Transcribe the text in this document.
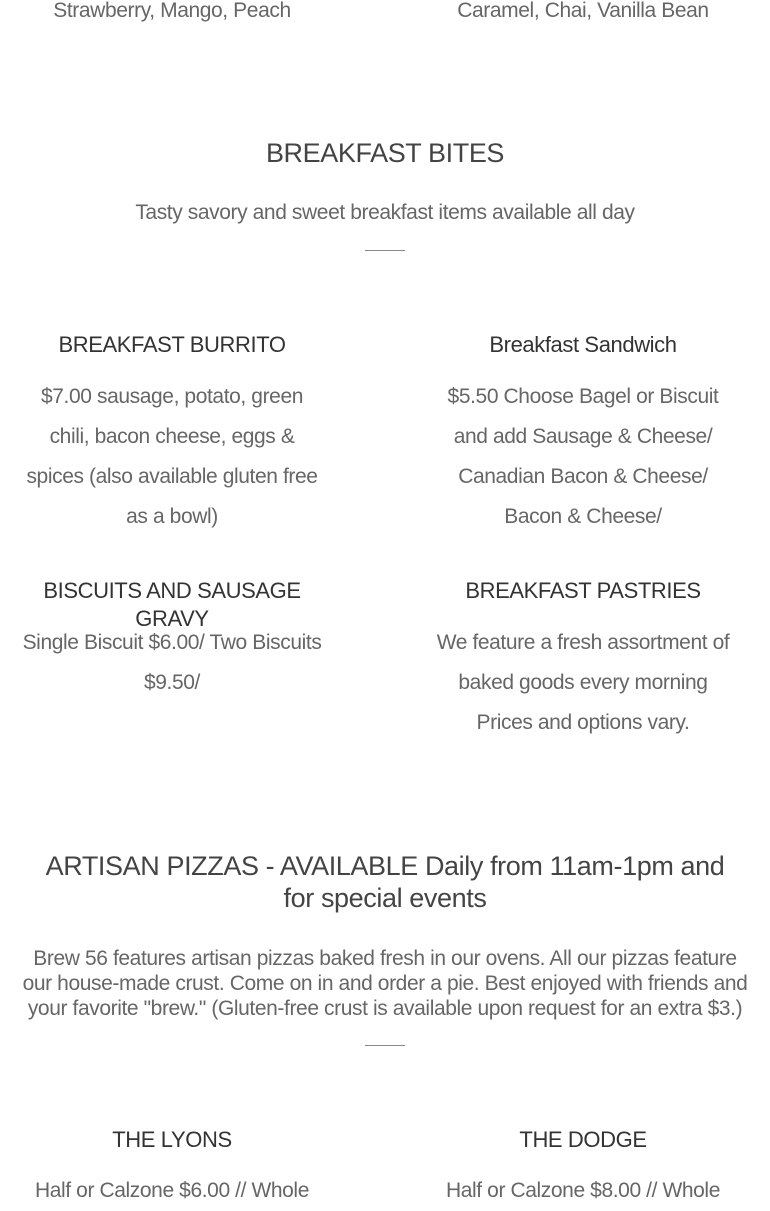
Strawberry, Mango, Peach	Caramel, Chai, Vanilla Bean
BREAKFAST BITES
Tasty savory and sweet breakfast items available all day
BREAKFAST BURRITO
$7.00 sausage, potato, green chili, bacon cheese, eggs & spices (also available gluten free as a bowl)
Breakfast Sandwich
$5.50 Choose Bagel or Biscuit and add Sausage & Cheese/ Canadian Bacon & Cheese/ Bacon & Cheese/
BISCUITS AND SAUSAGE GRAVY
Single Biscuit $6.00/ Two Biscuits $9.50/
BREAKFAST PASTRIES
We feature a fresh assortment of baked goods every morning Prices and options vary.
ARTISAN PIZZAS - AVAILABLE Daily from 11am-1pm and for special events
Brew 56 features artisan pizzas baked fresh in our ovens. All our pizzas feature our house-made crust. Come on in and order a pie. Best enjoyed with friends and your favorite "brew." (Gluten-free crust is available upon request for an extra $3.)
THE LYONS
Half or Calzone $6.00 // Whole
THE DODGE
Half or Calzone $8.00 // Whole
